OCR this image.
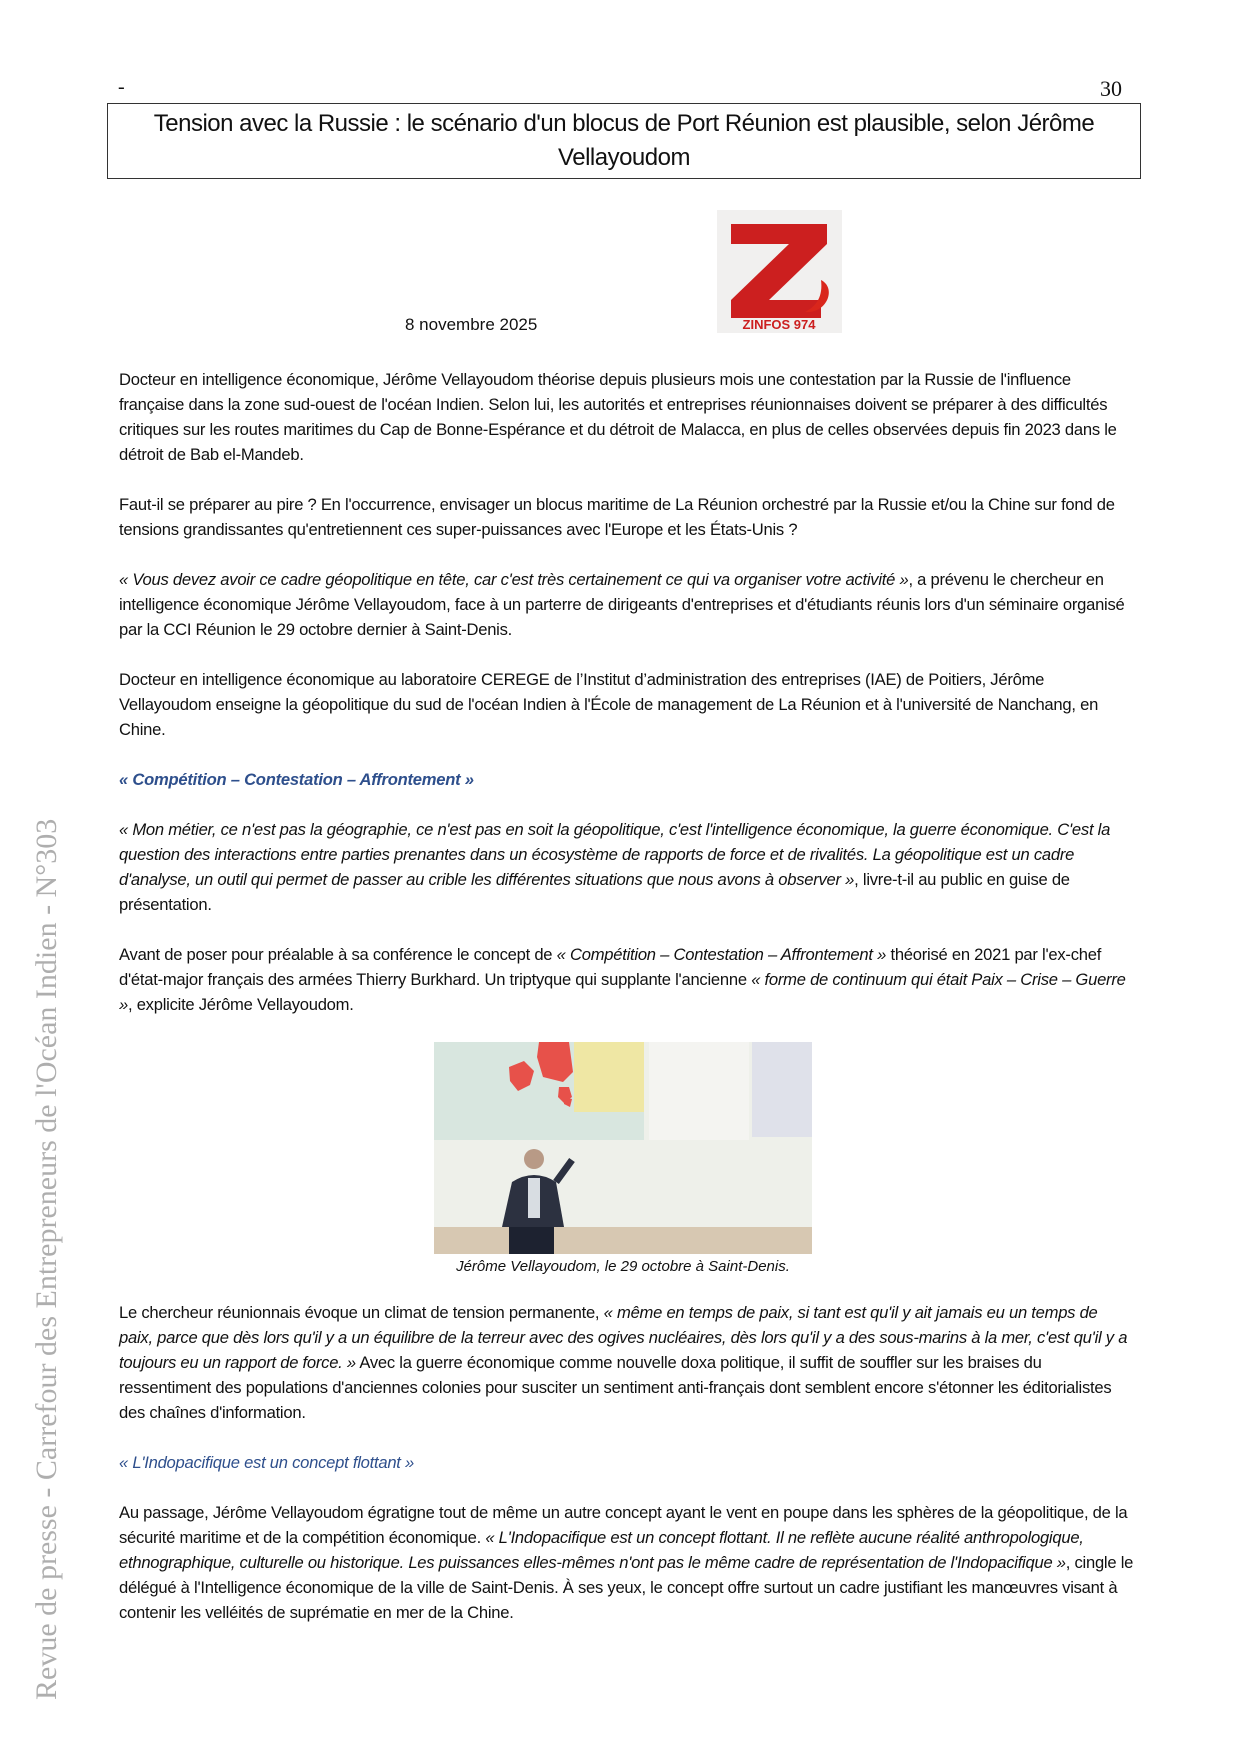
-	30
Tension avec la Russie : le scénario d'un blocus de Port Réunion est plausible, selon Jérôme Vellayoudom
ZINFOS 974
8 novembre 2025
Docteur en intelligence économique, Jérôme Vellayoudom théorise depuis plusieurs mois une contestation par la Russie de l'influence française dans la zone sud-ouest de l'océan Indien. Selon lui, les autorités et entreprises réunionnaises doivent se préparer à des difficultés critiques sur les routes maritimes du Cap de Bonne-Espérance et du détroit de Malacca, en plus de celles observées depuis fin 2023 dans le détroit de Bab el-Mandeb.
Faut-il se préparer au pire ? En l'occurrence, envisager un blocus maritime de La Réunion orchestré par la Russie et/ou la Chine sur fond de tensions grandissantes qu'entretiennent ces super-puissances avec l'Europe et les États-Unis ?
« Vous devez avoir ce cadre géopolitique en tête, car c'est très certainement ce qui va organiser votre activité », a prévenu le chercheur en intelligence économique Jérôme Vellayoudom, face à un parterre de dirigeants d'entreprises et d'étudiants réunis lors d'un séminaire organisé par la CCI Réunion le 29 octobre dernier à Saint-Denis.
Docteur en intelligence économique au laboratoire CEREGE de l’Institut d’administration des entreprises (IAE) de Poitiers, Jérôme Vellayoudom enseigne la géopolitique du sud de l'océan Indien à l'École de management de La Réunion et à l'université de Nanchang, en Chine.
« Compétition – Contestation – Affrontement »
« Mon métier, ce n'est pas la géographie, ce n'est pas en soit la géopolitique, c'est l'intelligence économique, la guerre économique. C'est la question des interactions entre parties prenantes dans un écosystème de rapports de force et de rivalités. La géopolitique est un cadre d'analyse, un outil qui permet de passer au crible les différentes situations que nous avons à observer », livre-t-il au public en guise de présentation.
Avant de poser pour préalable à sa conférence le concept de « Compétition – Contestation – Affrontement » théorisé en 2021 par l'ex-chef d'état-major français des armées Thierry Burkhard. Un triptyque qui supplante l'ancienne « forme de continuum qui était Paix – Crise – Guerre », explicite Jérôme Vellayoudom.
Jérôme Vellayoudom, le 29 octobre à Saint-Denis.
Le chercheur réunionnais évoque un climat de tension permanente, « même en temps de paix, si tant est qu'il y ait jamais eu un temps de paix, parce que dès lors qu'il y a un équilibre de la terreur avec des ogives nucléaires, dès lors qu'il y a des sous-marins à la mer, c'est qu'il y a toujours eu un rapport de force. » Avec la guerre économique comme nouvelle doxa politique, il suffit de souffler sur les braises du ressentiment des populations d'anciennes colonies pour susciter un sentiment anti-français dont semblent encore s'étonner les éditorialistes des chaînes d'information.
« L'Indopacifique est un concept flottant »
Au passage, Jérôme Vellayoudom égratigne tout de même un autre concept ayant le vent en poupe dans les sphères de la géopolitique, de la sécurité maritime et de la compétition économique. « L'Indopacifique est un concept flottant. Il ne reflète aucune réalité anthropologique, ethnographique, culturelle ou historique. Les puissances elles-mêmes n'ont pas le même cadre de représentation de l'Indopacifique », cingle le délégué à l'Intelligence économique de la ville de Saint-Denis. À ses yeux, le concept offre surtout un cadre justifiant les manœuvres visant à contenir les velléités de suprématie en mer de la Chine.
Revue de presse - Carrefour des Entrepreneurs de l'Océan Indien - N°303
